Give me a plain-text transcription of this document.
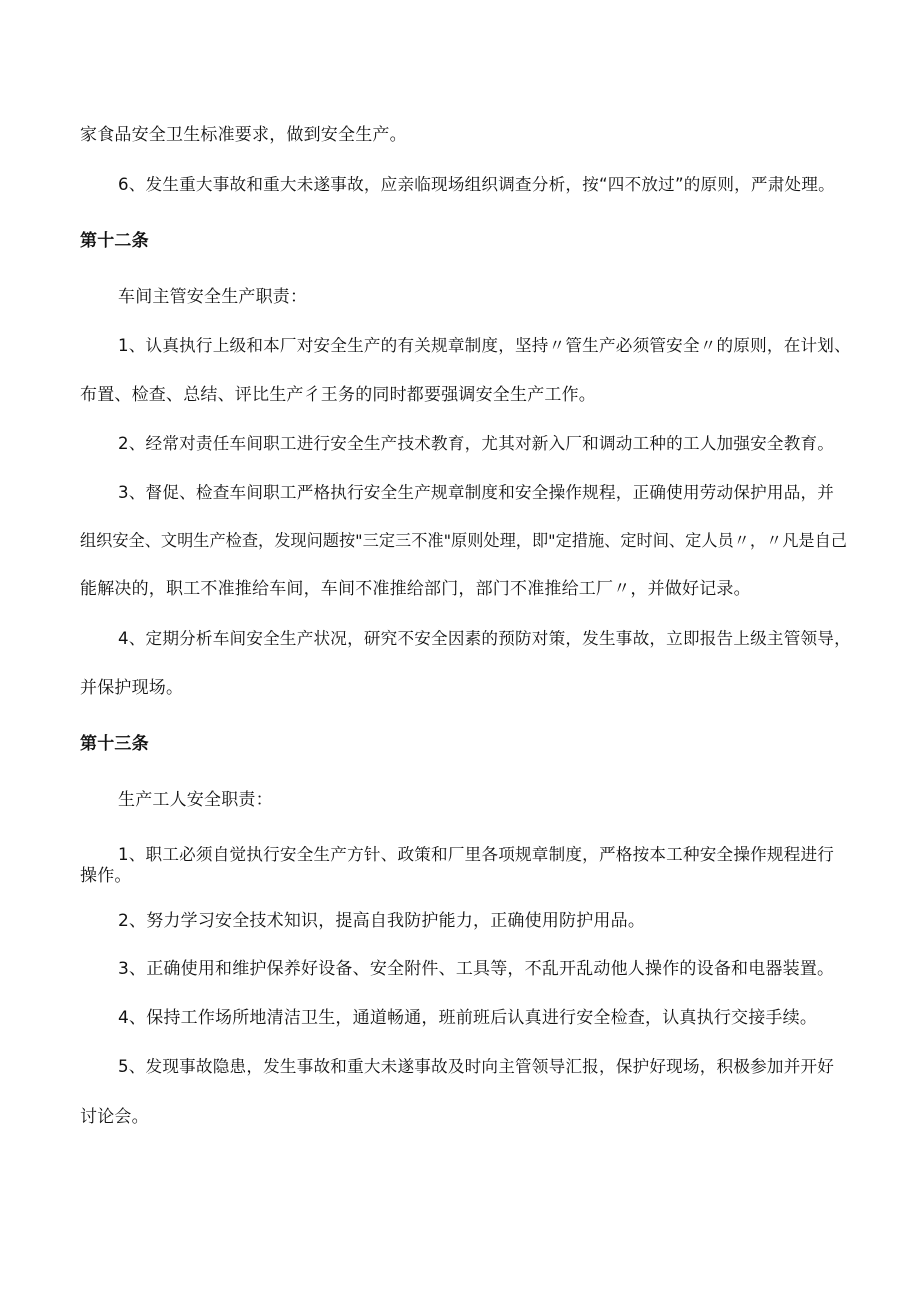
家食品安全卫生标准要求，做到安全生产。
6、发生重大事故和重大未遂事故，应亲临现场组织调查分析，按“四不放过”的原则，严肃处理。
第十二条
车间主管安全生产职责：
1、认真执行上级和本厂对安全生产的有关规章制度，坚持〃管生产必须管安全〃的原则，在计划、
布置、检查、总结、评比生产彳王务的同时都要强调安全生产工作。
2、经常对责任车间职工进行安全生产技术教育，尤其对新入厂和调动工种的工人加强安全教育。
3、督促、检查车间职工严格执行安全生产规章制度和安全操作规程，正确使用劳动保护用品，并
组织安全、文明生产检查，发现问题按"三定三不准"原则处理，即"定措施、定时间、定人员〃，〃凡是自己
能解决的，职工不准推给车间，车间不准推给部门，部门不准推给工厂〃，并做好记录。
4、定期分析车间安全生产状况，研究不安全因素的预防对策，发生事故，立即报告上级主管领导，
并保护现场。
第十三条
生产工人安全职责：
1、职工必须自觉执行安全生产方针、政策和厂里各项规章制度，严格按本工种安全操作规程进行
操作。
2、努力学习安全技术知识，提高自我防护能力，正确使用防护用品。
3、正确使用和维护保养好设备、安全附件、工具等，不乱开乱动他人操作的设备和电器装置。
4、保持工作场所地清洁卫生，通道畅通，班前班后认真进行安全检查，认真执行交接手续。
5、发现事故隐患，发生事故和重大未遂事故及时向主管领导汇报，保护好现场，积极参加并开好
讨论会。
